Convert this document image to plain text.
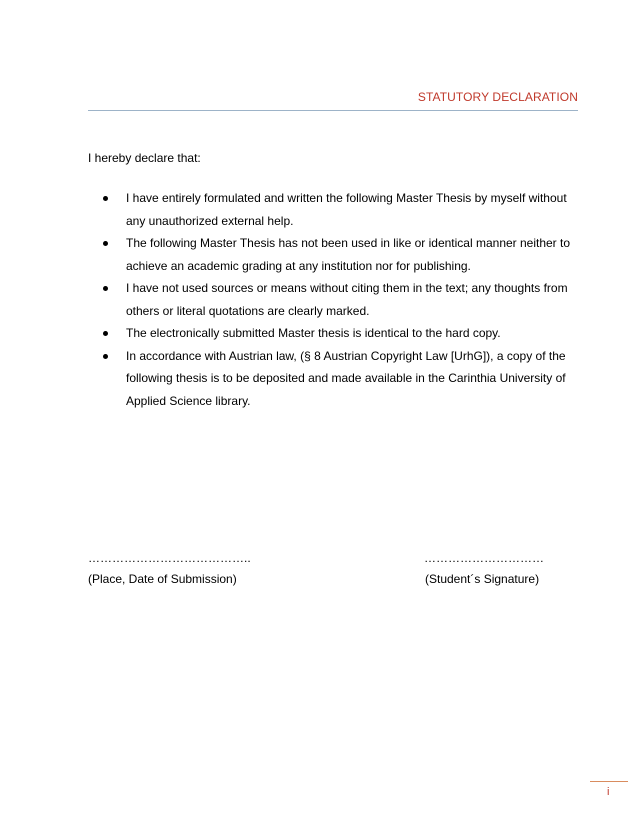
STATUTORY DECLARATION
I hereby declare that:
I have entirely formulated and written the following Master Thesis by myself without any unauthorized external help.
The following Master Thesis has not been used in like or identical manner neither to achieve an academic grading at any institution nor for publishing.
I have not used sources or means without citing them in the text; any thoughts from others or literal quotations are clearly marked.
The electronically submitted Master thesis is identical to the hard copy.
In accordance with Austrian law, (§ 8 Austrian Copyright Law [UrhG]), a copy of the following thesis is to be deposited and made available in the Carinthia University of Applied Science library.
…………………………………..	…………………………
(Place, Date of Submission)	(Student´s Signature)
i
